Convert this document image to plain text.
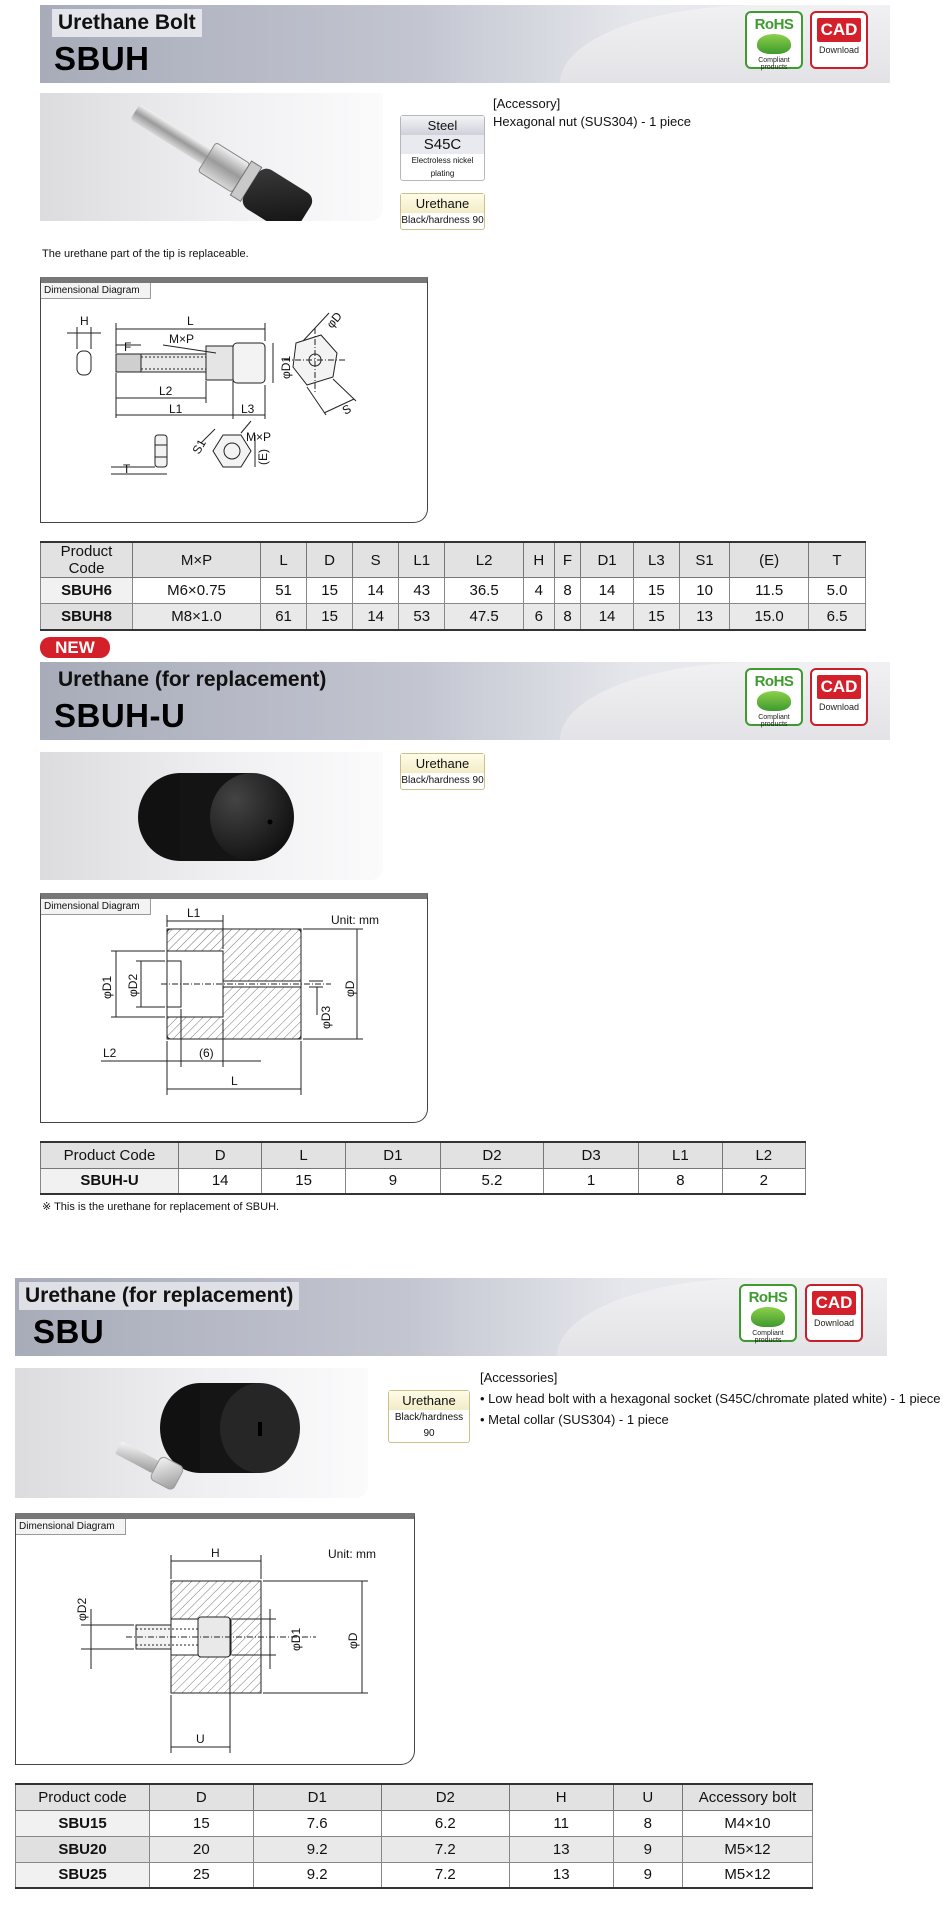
Urethane Bolt
SBUH
RoHS
Compliant products
CAD
Download
Steel
S45C
Electroless nickel plating
Urethane
Black/hardness 90
[Accessory]
Hexagonal nut (SUS304) - 1 piece
The urethane part of the tip is replaceable.
Dimensional Diagram
H	L
F
M×P
L2
L1	L3
φD1
φD
S
S1	M×P
(E)
T
Product Code	M×P	L	D	S	L1	L2	H	F	D1	L3	S1	(E)	T
SBUH6	M6×0.75	51	15	14	43	36.5	4	8	14	15	10	11.5	5.0
SBUH8	M8×1.0	61	15	14	53	47.5	6	8	14	15	13	15.0	6.5
NEW
Urethane (for replacement)
SBUH-U
RoHS
Compliant products
CAD
Download
Urethane
Black/hardness 90
Dimensional Diagram
Unit: mm
L1
φD1 φD2
φD3
φD
L2	(6)
L
Product Code	D	L	D1	D2	D3	L1	L2
SBUH-U	14	15	9	5.2	1	8	2
※ This is the urethane for replacement of SBUH.
Urethane (for replacement)
SBU
RoHS
Compliant products
CAD
Download
Urethane
Black/hardness 90
[Accessories]
• Low head bolt with a hexagonal socket (S45C/chromate plated white) - 1 piece
• Metal collar (SUS304) - 1 piece
Dimensional Diagram
Unit: mm
H
φD2
φD1	φD
U
Product code	D	D1	D2	H	U	Accessory bolt
SBU15	15	7.6	6.2	11	8	M4×10
SBU20	20	9.2	7.2	13	9	M5×12
SBU25	25	9.2	7.2	13	9	M5×12
